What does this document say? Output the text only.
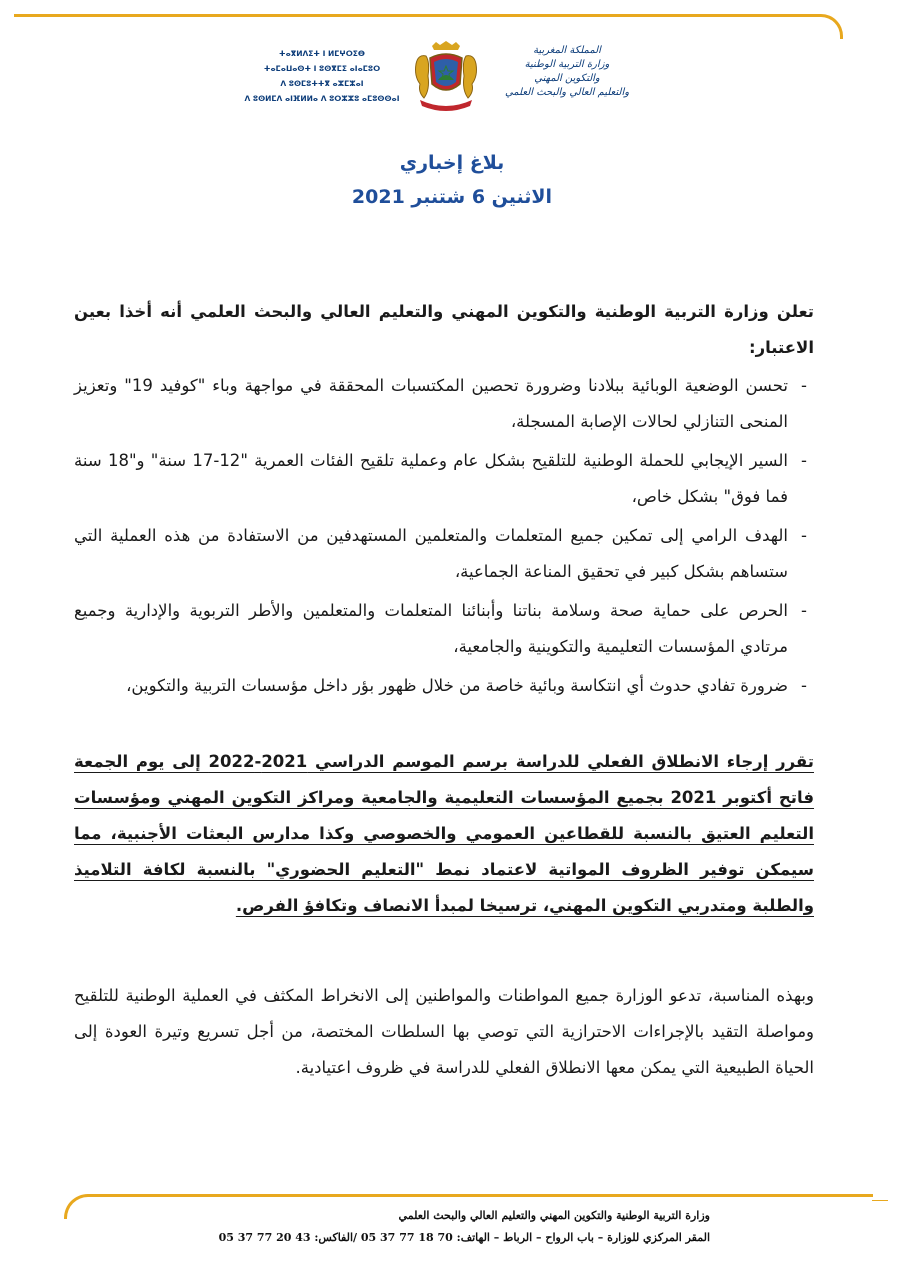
ⵜⴰⴳⵍⴷⵉⵜ ⵏ ⵍⵎⵖⵔⵉⴱ
ⵜⴰⵎⴰⵡⴰⵙⵜ ⵏ ⵓⵙⴳⵎⵉ ⴰⵏⴰⵎⵓⵔ
ⴷ ⵓⵙⵎⵓⵜⵜⴳ ⴰⵣⵎⵣⴰⵏ
ⴷ ⵓⵙⵍⵎⴷ ⴰⵏⴼⵍⵍⴰ ⴷ ⵓⵔⵣⵣⵓ ⴰⵎⵓⵙⵙⴰⵏ
المملكة المغربية
وزارة التربية الوطنية
والتكوين المهني
والتعليم العالي والبحث العلمي
بلاغ إخباري
الاثنين 6 شتنبر 2021

تعلن وزارة التربية الوطنية والتكوين المهني والتعليم العالي والبحث العلمي أنه أخذا بعين الاعتبار:

-
تحسن الوضعية الوبائية ببلادنا وضرورة تحصين المكتسبات المحققة في مواجهة وباء "كوفيد 19" وتعزيز المنحى التنازلي لحالات الإصابة المسجلة،
-
السير الإيجابي للحملة الوطنية للتلقيح بشكل عام وعملية تلقيح الفئات العمرية "12-17 سنة" و"18 سنة فما فوق" بشكل خاص،
-
الهدف الرامي إلى تمكين جميع المتعلمات والمتعلمين المستهدفين من الاستفادة من هذه العملية التي ستساهم بشكل كبير في تحقيق المناعة الجماعية،
-
الحرص على حماية صحة وسلامة بناتنا وأبنائنا المتعلمات والمتعلمين والأطر التربوية والإدارية وجميع مرتادي المؤسسات التعليمية والتكوينية والجامعية،
-
ضرورة تفادي حدوث أي انتكاسة وبائية خاصة من خلال ظهور بؤر داخل مؤسسات التربية والتكوين،

تقرر إرجاء الانطلاق الفعلي للدراسة برسم الموسم الدراسي 2021-2022 إلى يوم الجمعة فاتح أكتوبر 2021 بجميع المؤسسات التعليمية والجامعية ومراكز التكوين المهني ومؤسسات التعليم العتيق بالنسبة للقطاعين العمومي والخصوصي وكذا مدارس البعثات الأجنبية، مما سيمكن توفير الظروف المواتية لاعتماد نمط "التعليم الحضوري" بالنسبة لكافة التلاميذ والطلبة ومتدربي التكوين المهني، ترسيخا لمبدأ الانصاف وتكافؤ الفرص.

وبهذه المناسبة، تدعو الوزارة جميع المواطنات والمواطنين إلى الانخراط المكثف في العملية الوطنية للتلقيح ومواصلة التقيد بالإجراءات الاحترازية التي توصي بها السلطات المختصة، من أجل تسريع وتيرة العودة إلى الحياة الطبيعية التي يمكن معها الانطلاق الفعلي للدراسة في ظروف اعتيادية.

وزارة التربية الوطنية والتكوين المهني والتعليم العالي والبحث العلمي
المقر المركزي للوزارة – باب الرواح – الرباط – الهاتف: 70 18 77 37 05 /الفاكس: 43 20 77 37 05
